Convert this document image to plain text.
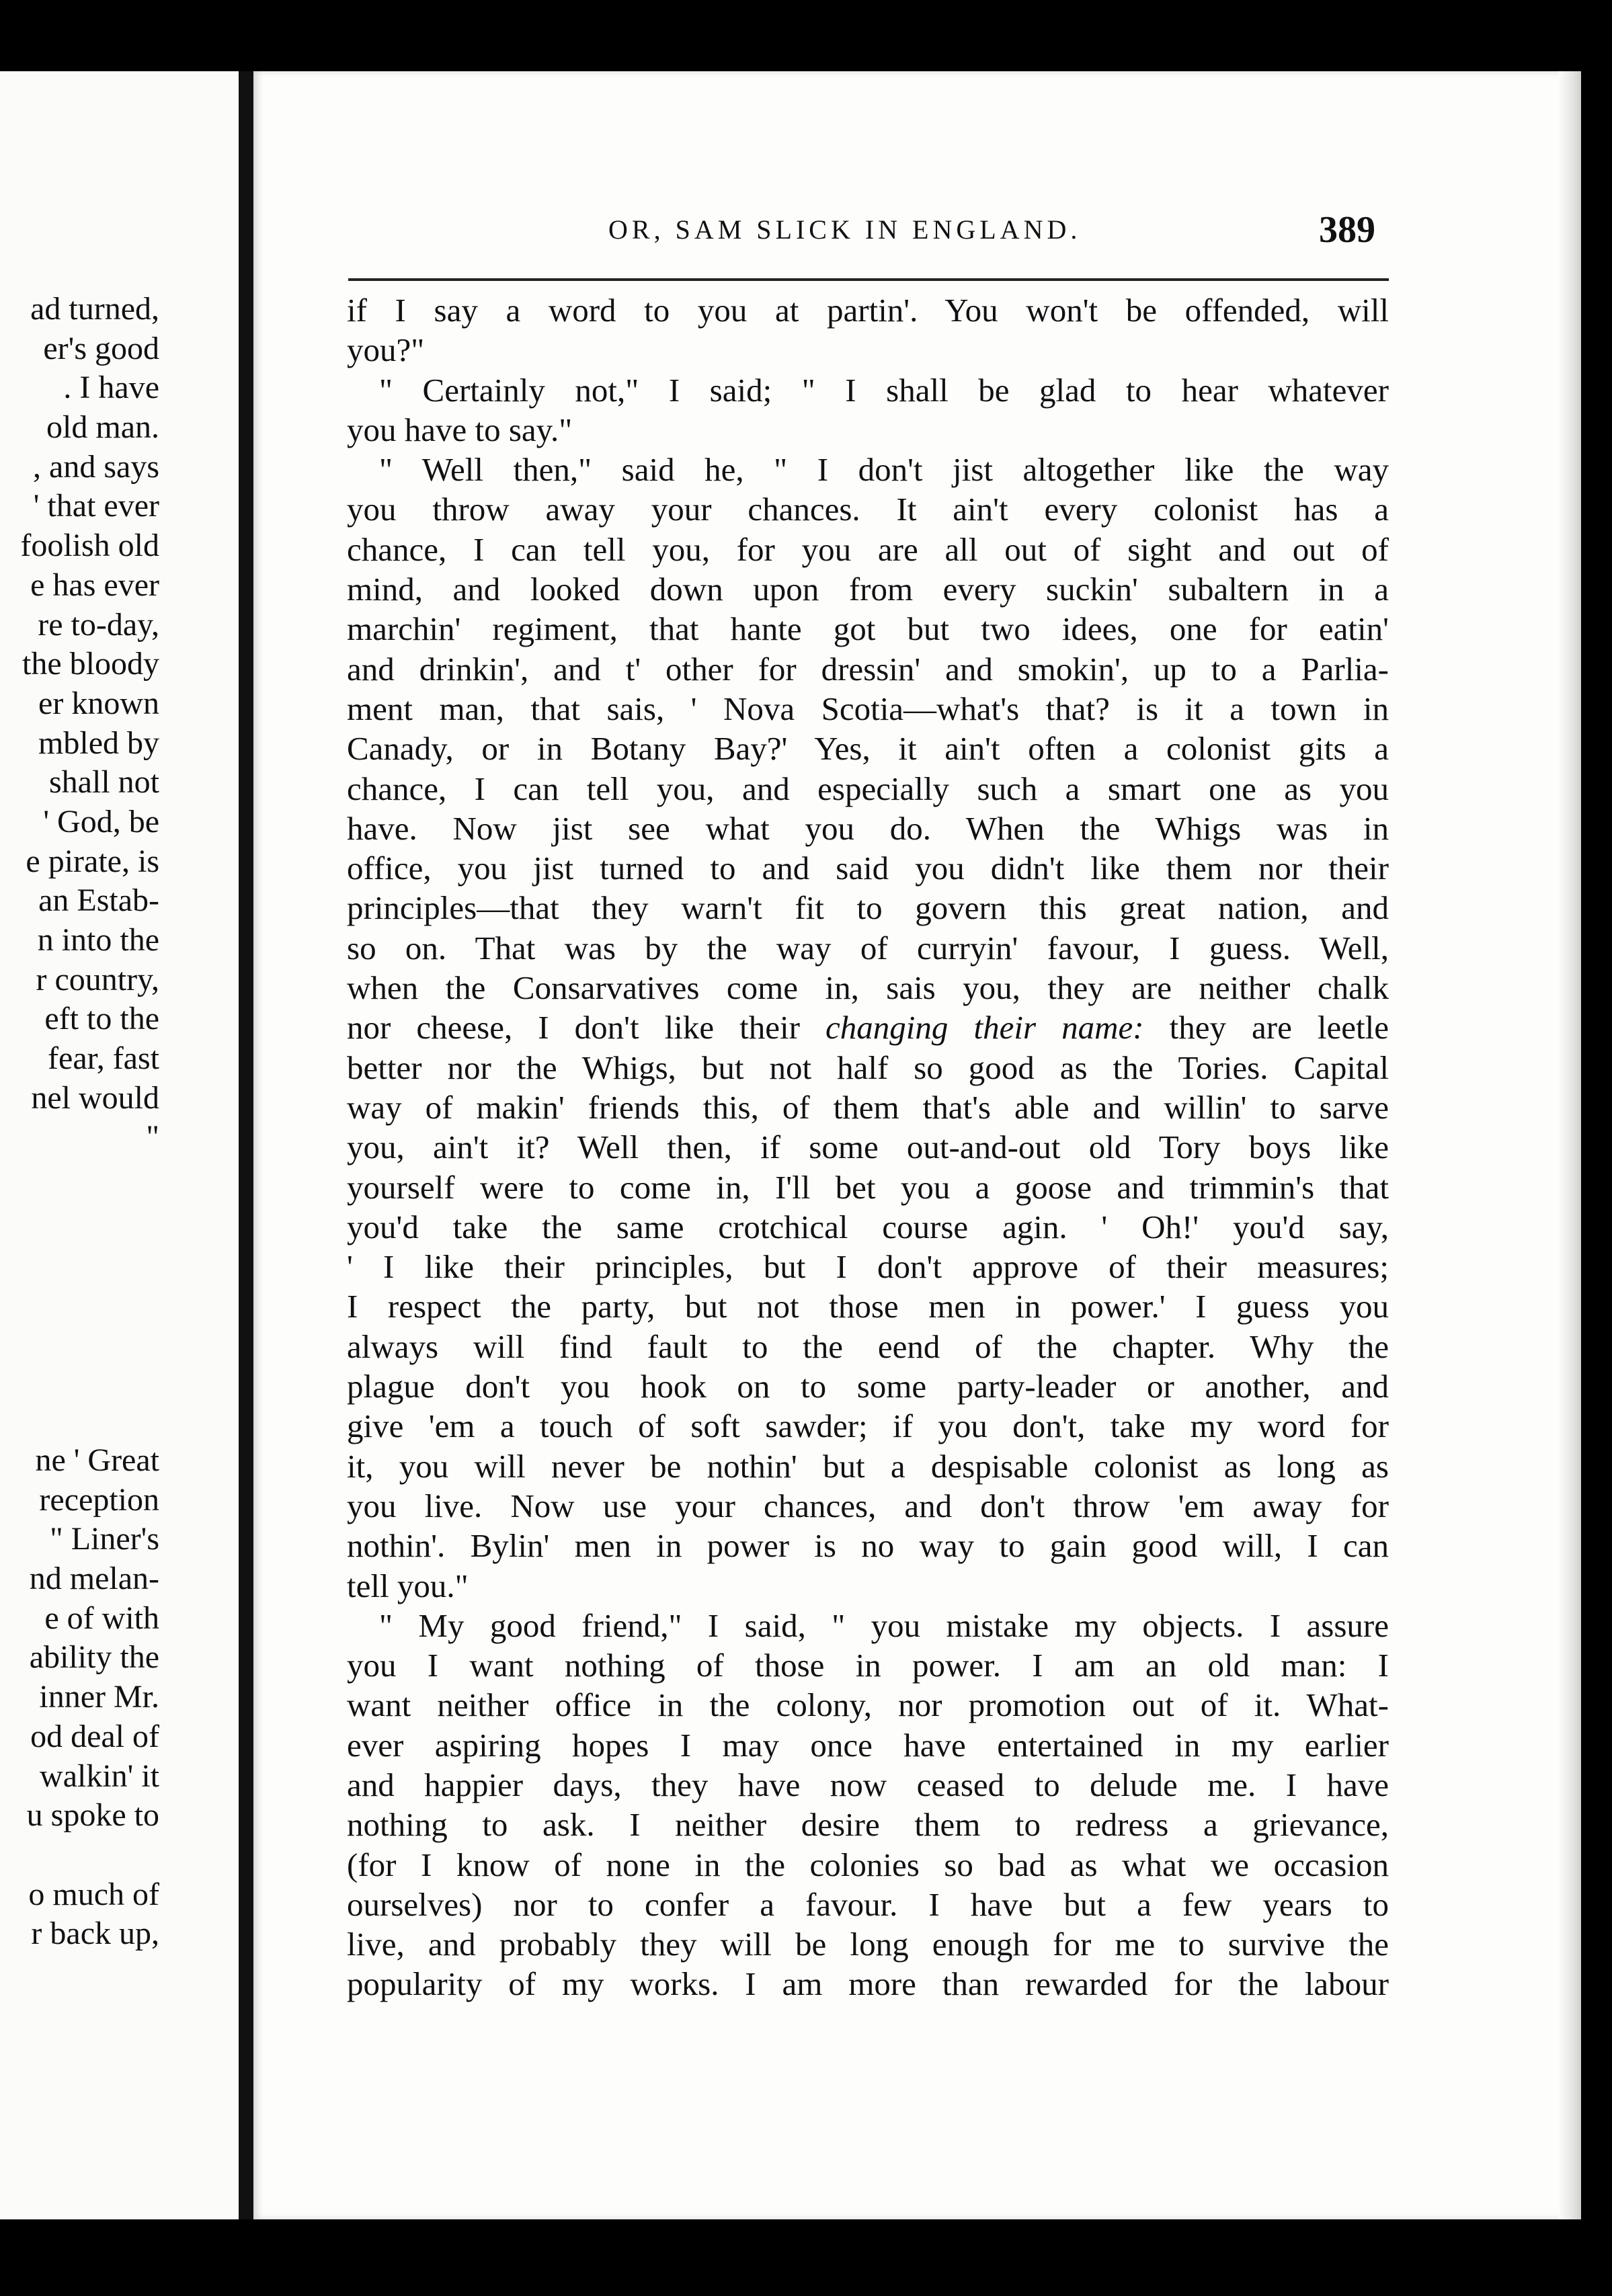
ad turned,
er's good
. I have
old man.
, and says
' that ever
foolish old
e has ever
re to-day,
the bloody
er known
mbled by
shall not
' God, be
e pirate, is
an Estab-
n into the
r country,
eft to the
fear, fast
nel would
"
ne ' Great
reception
" Liner's
nd melan-
e of with
ability the
inner Mr.
od deal of
walkin' it
u spoke to
o much of
r back up,
OR, SAM SLICK IN ENGLAND.	389
if I say a word to you at partin'. You won't be offended, will
you?"
" Certainly not," I said; " I shall be glad to hear whatever
you have to say."
" Well then," said he, " I don't jist altogether like the way
you throw away your chances. It ain't every colonist has a
chance, I can tell you, for you are all out of sight and out of
mind, and looked down upon from every suckin' subaltern in a
marchin' regiment, that hante got but two idees, one for eatin'
and drinkin', and t' other for dressin' and smokin', up to a Parlia-
ment man, that sais, ' Nova Scotia—what's that? is it a town in
Canady, or in Botany Bay?' Yes, it ain't often a colonist gits a
chance, I can tell you, and especially such a smart one as you
have. Now jist see what you do. When the Whigs was in
office, you jist turned to and said you didn't like them nor their
principles—that they warn't fit to govern this great nation, and
so on. That was by the way of curryin' favour, I guess. Well,
when the Consarvatives come in, sais you, they are neither chalk
nor cheese, I don't like their changing their name: they are leetle
better nor the Whigs, but not half so good as the Tories. Capital
way of makin' friends this, of them that's able and willin' to sarve
you, ain't it? Well then, if some out-and-out old Tory boys like
yourself were to come in, I'll bet you a goose and trimmin's that
you'd take the same crotchical course agin. ' Oh!' you'd say,
' I like their principles, but I don't approve of their measures;
I respect the party, but not those men in power.' I guess you
always will find fault to the eend of the chapter. Why the
plague don't you hook on to some party-leader or another, and
give 'em a touch of soft sawder; if you don't, take my word for
it, you will never be nothin' but a despisable colonist as long as
you live. Now use your chances, and don't throw 'em away for
nothin'. Bylin' men in power is no way to gain good will, I can
tell you."
" My good friend," I said, " you mistake my objects. I assure
you I want nothing of those in power. I am an old man: I
want neither office in the colony, nor promotion out of it. What-
ever aspiring hopes I may once have entertained in my earlier
and happier days, they have now ceased to delude me. I have
nothing to ask. I neither desire them to redress a grievance,
(for I know of none in the colonies so bad as what we occasion
ourselves) nor to confer a favour. I have but a few years to
live, and probably they will be long enough for me to survive the
popularity of my works. I am more than rewarded for the labour
